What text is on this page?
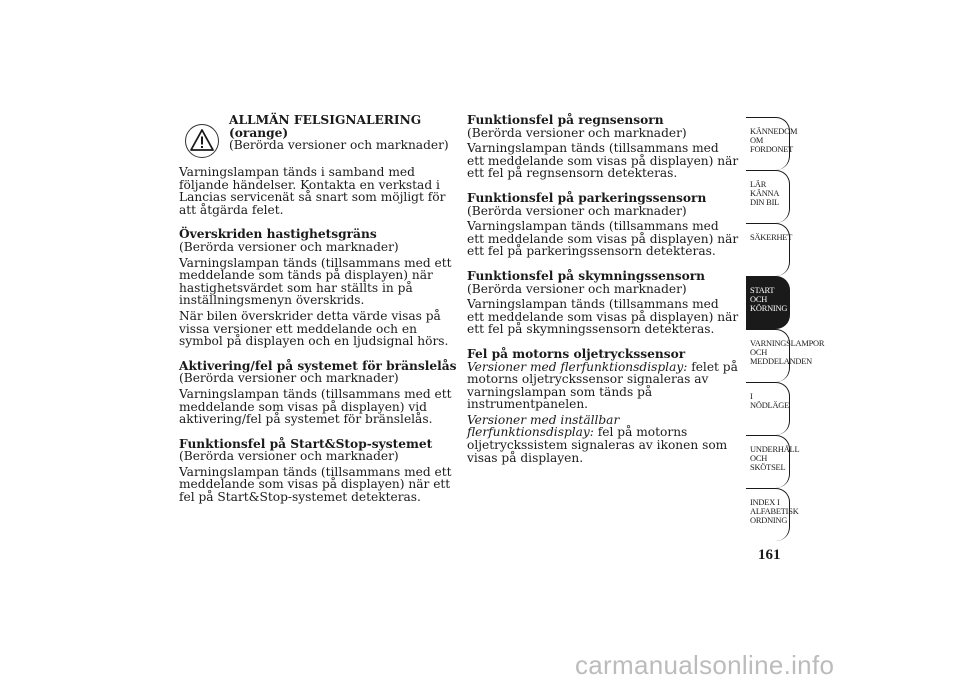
ALLMÄN FELSIGNALERING (orange)

(Berörda versioner och marknader)

Varningslampan tänds i samband med följande händelser. Kontakta en verkstad i Lancias servicenät så snart som möjligt för att åtgärda felet.

Överskriden hastighetsgräns

(Berörda versioner och marknader)

Varningslampan tänds (tillsammans med ett meddelande som tänds på displayen) när hastighetsvärdet som har ställts in på inställningsmenyn överskrids.

När bilen överskrider detta värde visas på vissa versioner ett meddelande och en symbol på displayen och en ljudsignal hörs.

Aktivering/fel på systemet för bränslelås

(Berörda versioner och marknader)

Varningslampan tänds (tillsammans med ett meddelande som visas på displayen) vid aktivering/fel på systemet för bränslelås.

Funktionsfel på Start&Stop-systemet

(Berörda versioner och marknader)

Varningslampan tänds (tillsammans med ett meddelande som visas på displayen) när ett fel på Start&Stop-systemet detekteras.

Funktionsfel på regnsensorn

(Berörda versioner och marknader)

Varningslampan tänds (tillsammans med ett meddelande som visas på displayen) när ett fel på regnsensorn detekteras.

Funktionsfel på parkeringssensorn

(Berörda versioner och marknader)

Varningslampan tänds (tillsammans med ett meddelande som visas på displayen) när ett fel på parkeringssensorn detekteras.

Funktionsfel på skymningssensorn

(Berörda versioner och marknader)

Varningslampan tänds (tillsammans med ett meddelande som visas på displayen) när ett fel på skymningssensorn detekteras.

Fel på motorns oljetryckssensor

Versioner med flerfunktionsdisplay: felet på motorns oljetryckssensor signaleras av varningslampan som tänds på instrumentpanelen.

Versioner med inställbar flerfunktionsdisplay: fel på motorns oljetryckssistem signaleras av ikonen som visas på displayen.

KÄNNEDOM OM FORDONET
LÄR KÄNNA DIN BIL
SÄKERHET
START OCH KÖRNING
VARNINGSLAMPOR OCH MEDDELANDEN
I NÖDLÄGE
UNDERHÅLL OCH SKÖTSEL
INDEX I ALFABETISK ORDNING
161
carmanualsonline.info
